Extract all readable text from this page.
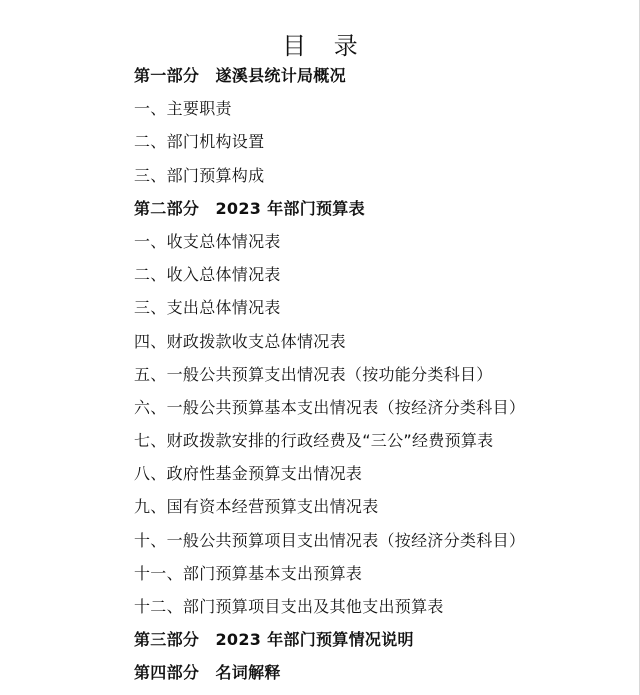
目 录
第一部分　遂溪县统计局概况
一、主要职责
二、部门机构设置
三、部门预算构成
第二部分　2023 年部门预算表
一、收支总体情况表
二、收入总体情况表
三、支出总体情况表
四、财政拨款收支总体情况表
五、一般公共预算支出情况表（按功能分类科目）
六、一般公共预算基本支出情况表（按经济分类科目）
七、财政拨款安排的行政经费及“三公”经费预算表
八、政府性基金预算支出情况表
九、国有资本经营预算支出情况表
十、一般公共预算项目支出情况表（按经济分类科目）
十一、部门预算基本支出预算表
十二、部门预算项目支出及其他支出预算表
第三部分　2023 年部门预算情况说明
第四部分　名词解释
